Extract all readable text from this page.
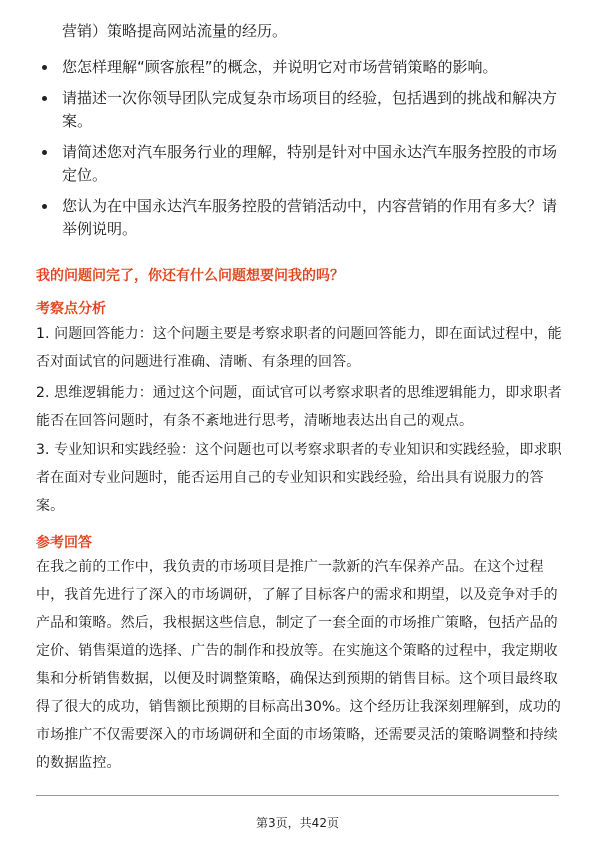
营销）策略提高网站流量的经历。
您怎样理解“顾客旅程”的概念，并说明它对市场营销策略的影响。
请描述一次你领导团队完成复杂市场项目的经验，包括遇到的挑战和解决方案。
请简述您对汽车服务行业的理解，特别是针对中国永达汽车服务控股的市场定位。
您认为在中国永达汽车服务控股的营销活动中，内容营销的作用有多大？请举例说明。
我的问题问完了，你还有什么问题想要问我的吗？
考察点分析
1. 问题回答能力：这个问题主要是考察求职者的问题回答能力，即在面试过程中，能否对面试官的问题进行准确、清晰、有条理的回答。
2. 思维逻辑能力：通过这个问题，面试官可以考察求职者的思维逻辑能力，即求职者能否在回答问题时，有条不紊地进行思考，清晰地表达出自己的观点。
3. 专业知识和实践经验：这个问题也可以考察求职者的专业知识和实践经验，即求职者在面对专业问题时，能否运用自己的专业知识和实践经验，给出具有说服力的答案。
参考回答
在我之前的工作中，我负责的市场项目是推广一款新的汽车保养产品。在这个过程中，我首先进行了深入的市场调研，了解了目标客户的需求和期望，以及竞争对手的产品和策略。然后，我根据这些信息，制定了一套全面的市场推广策略，包括产品的定价、销售渠道的选择、广告的制作和投放等。在实施这个策略的过程中，我定期收集和分析销售数据，以便及时调整策略，确保达到预期的销售目标。这个项目最终取得了很大的成功，销售额比预期的目标高出30%。这个经历让我深刻理解到，成功的市场推广不仅需要深入的市场调研和全面的市场策略，还需要灵活的策略调整和持续的数据监控。
第3页，共42页
